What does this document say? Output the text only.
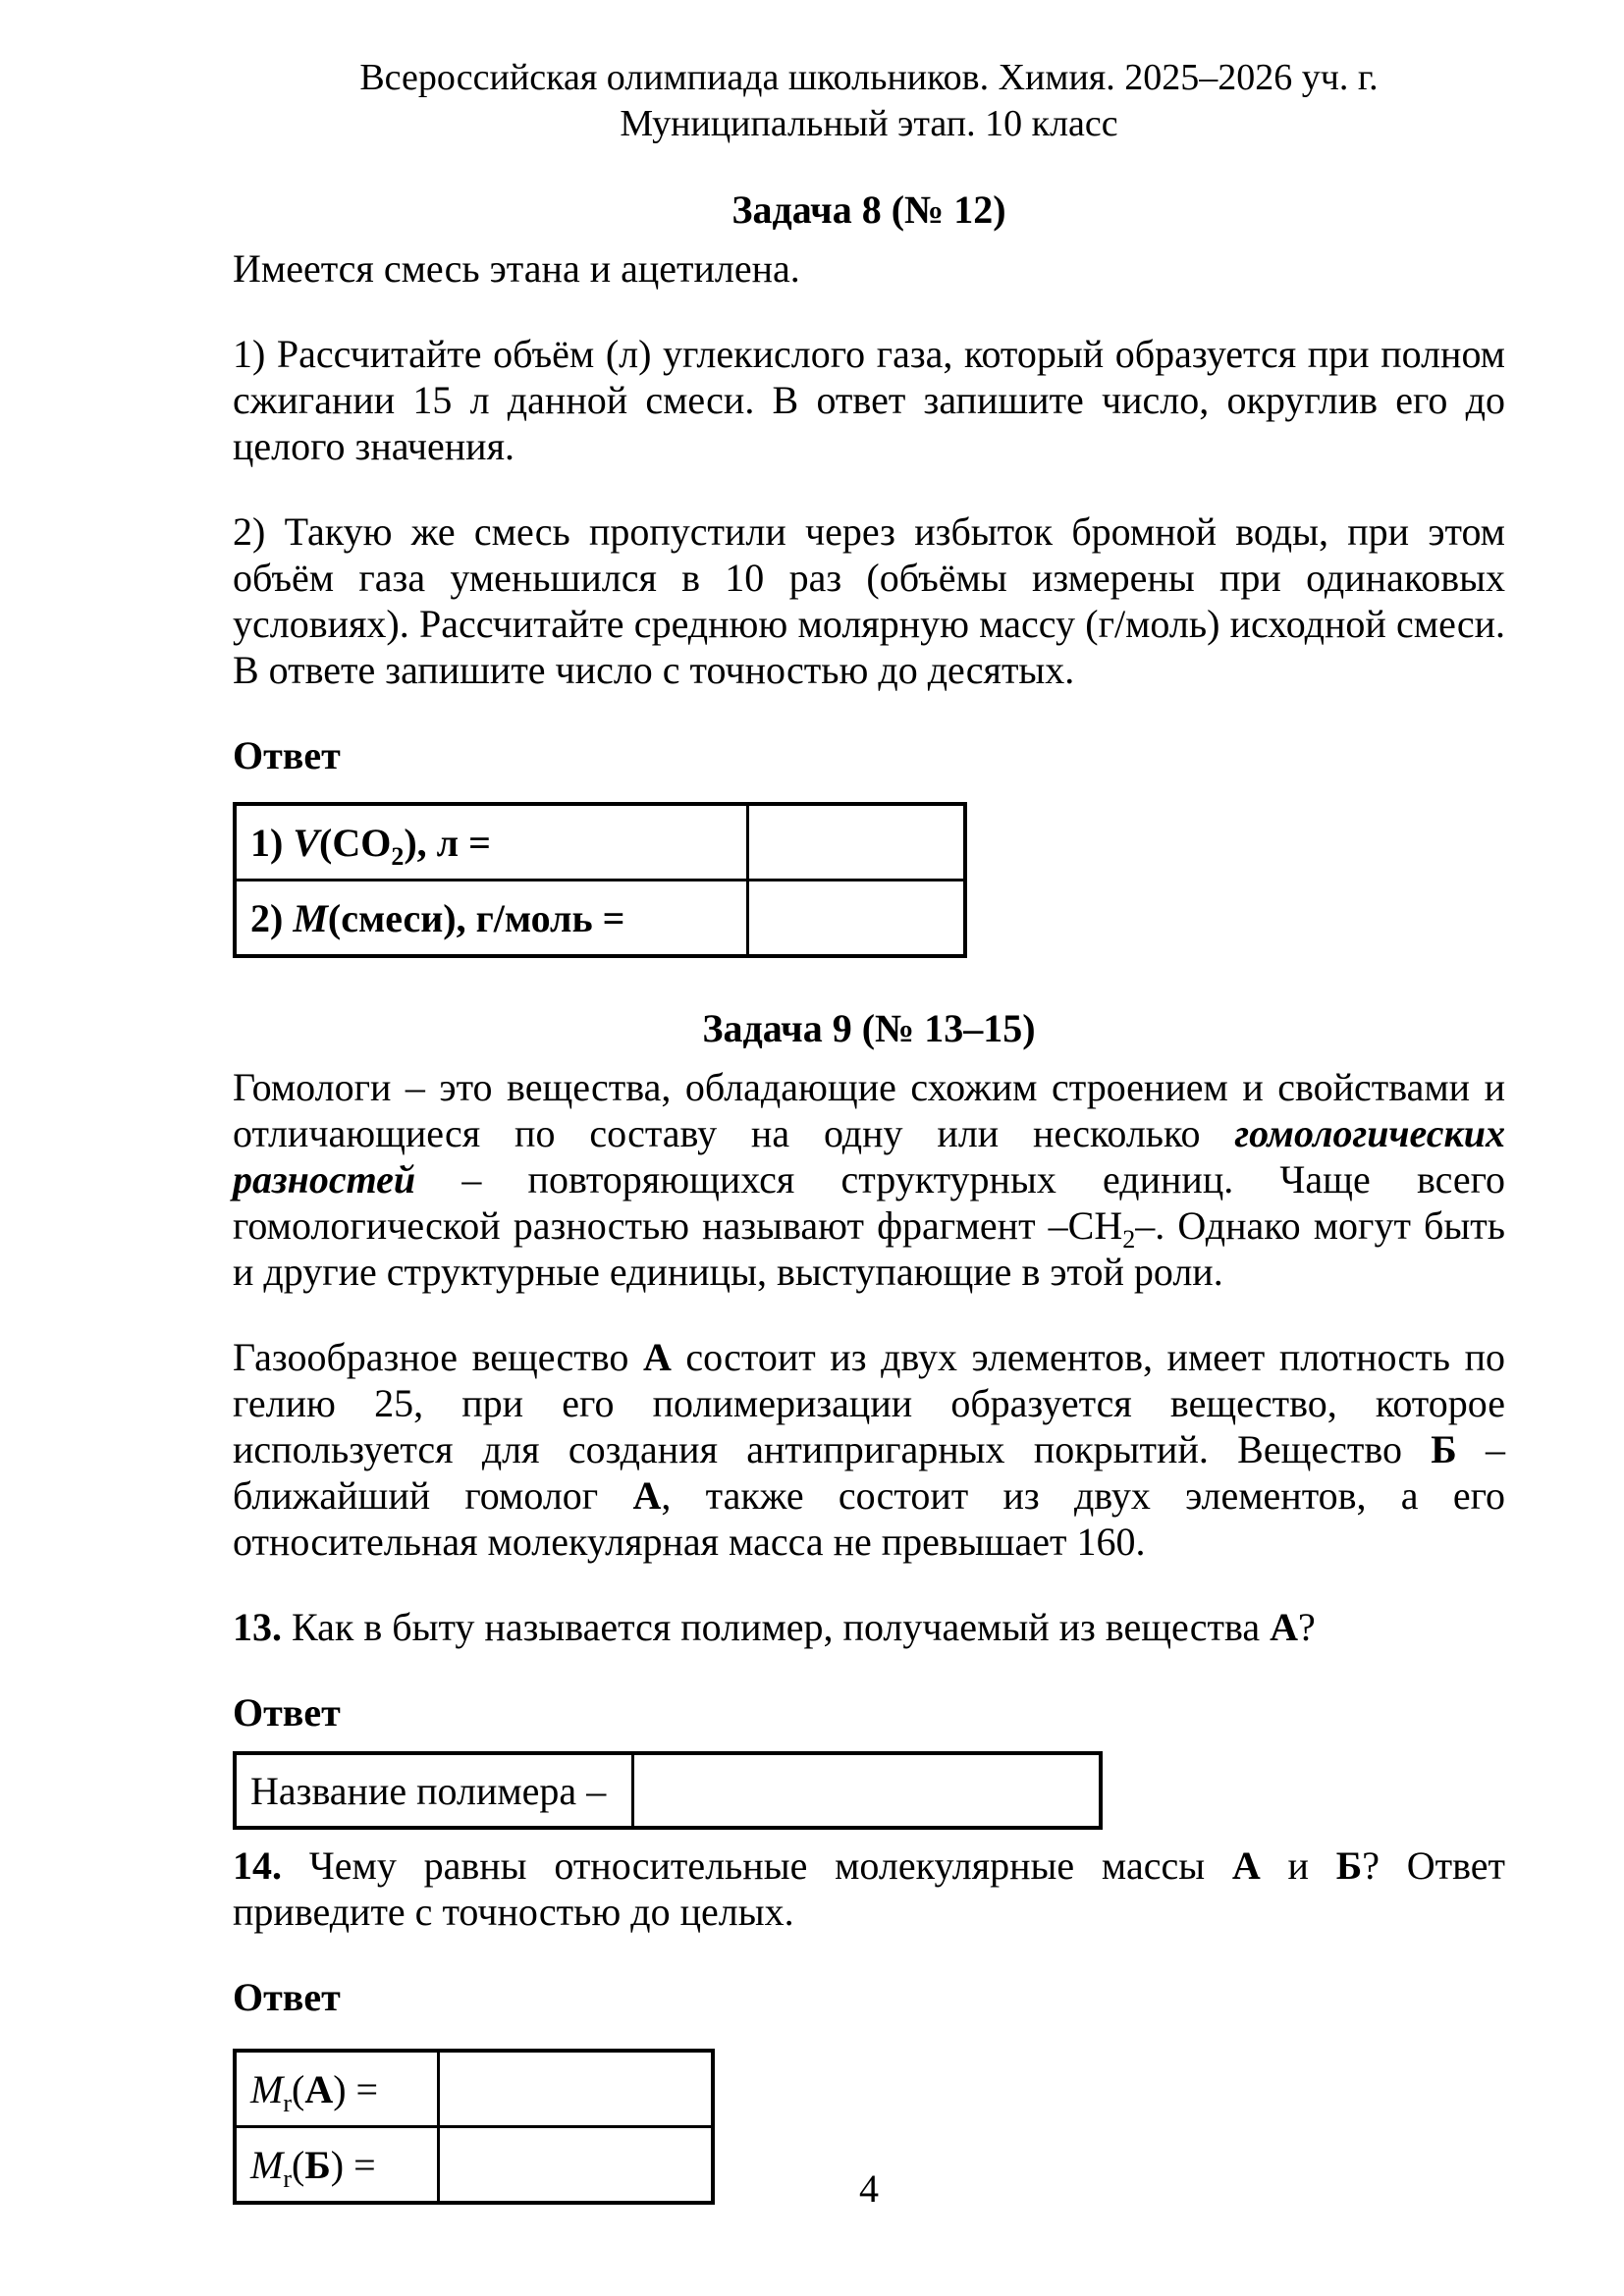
Всероссийская олимпиада школьников. Химия. 2025–2026 уч. г.
Муниципальный этап. 10 класс
Задача 8 (№ 12)

Имеется смесь этана и ацетилена.

1) Рассчитайте объём (л) углекислого газа, который образуется при полном сжигании 15 л данной смеси. В ответ запишите число, округлив его до целого значения.

2) Такую же смесь пропустили через избыток бромной воды, при этом объём газа уменьшился в 10 раз (объёмы измерены при одинаковых условиях). Рассчитайте среднюю молярную массу (г/моль) исходной смеси. В ответе запишите число с точностью до десятых.

Ответ
1) $V(CO_2)$, л =	
2) M(смеси), г/моль =	
Задача 9 (№ 13–15)

Гомологи – это вещества, обладающие схожим строением и свойствами и отличающиеся по составу на одну или несколько гомологических разностей – повторяющихся структурных единиц. Чаще всего гомологической разностью называют фрагмент $-CH_2-$. Однако могут быть и другие структурные единицы, выступающие в этой роли.

Газообразное вещество А состоит из двух элементов, имеет плотность по гелию 25, при его полимеризации образуется вещество, которое используется для создания антипригарных покрытий. Вещество Б – ближайший гомолог А, также состоит из двух элементов, а его относительная молекулярная масса не превышает 160.

13. Как в быту называется полимер, получаемый из вещества А?

Ответ
Название полимера –	

14. Чему равны относительные молекулярные массы А и Б? Ответ приведите с точностью до целых.

Ответ
$M_r(А)$ =	
$M_r(Б)$ =	
4
